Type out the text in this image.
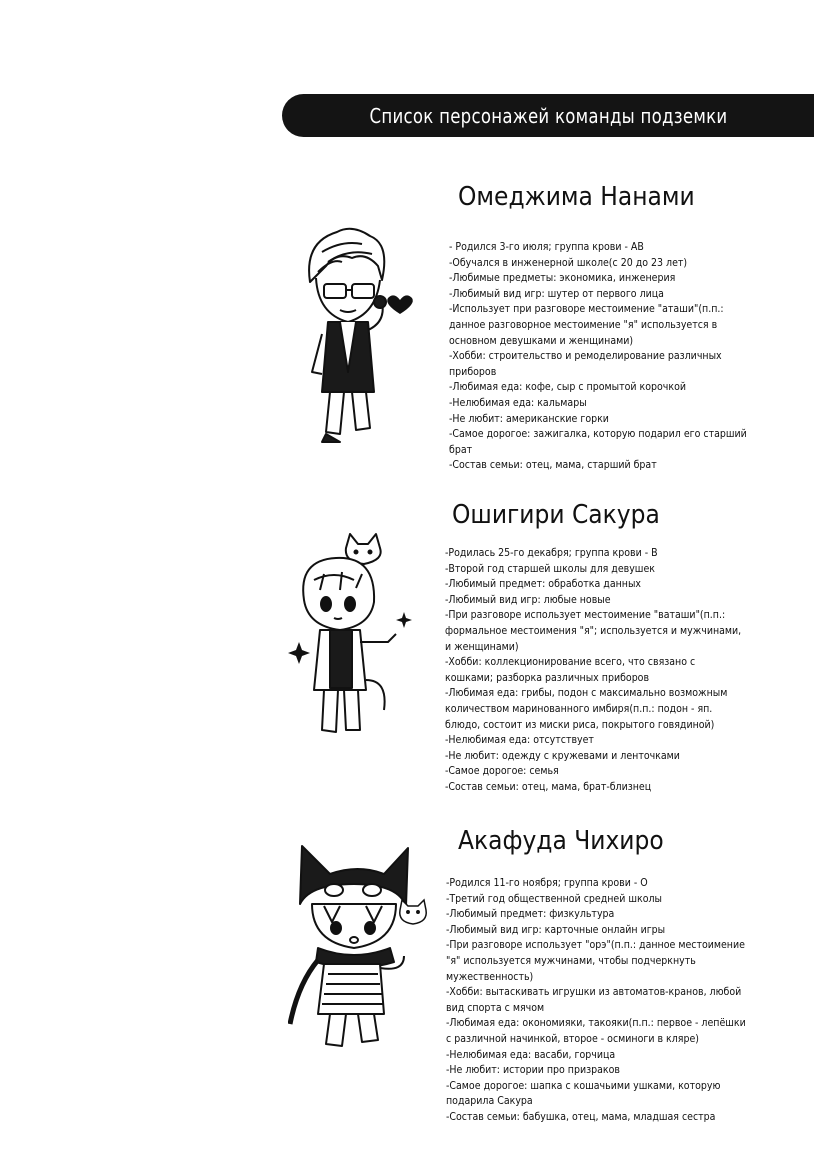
Список персонажей команды подземки
Омеджима Нанами
- Родился 3-го июля; группа крови - АВ
-Обучался в инженерной школе(с 20 до 23 лет)
-Любимые предметы: экономика, инженерия
-Любимый вид игр: шутер от первого лица
-Использует при разговоре местоимение "аташи"(п.п.: данное разговорное местоимение "я" используется в основном девушками и женщинами)
-Хобби: строительство и ремоделирование различных приборов
-Любимая еда: кофе, сыр с промытой корочкой
-Нелюбимая еда: кальмары
-Не любит: американские горки
-Самое дорогое: зажигалка, которую подарил его старший брат
-Состав семьи: отец, мама, старший брат
Ошигири Сакура
-Родилась 25-го декабря; группа крови - В
-Второй год старшей школы для девушек
-Любимый предмет: обработка данных
-Любимый вид игр: любые новые
-При разговоре использует местоимение "ваташи"(п.п.: формальное местоимения "я"; используется и мужчинами, и женщинами)
-Хобби: коллекционирование всего, что связано с кошками; разборка различных приборов
-Любимая еда: грибы, подон с максимально возможным количеством маринованного имбиря(п.п.: подон - яп. блюдо, состоит из миски риса, покрытого говядиной)
-Нелюбимая еда: отсутствует
-Не любит: одежду с кружевами и ленточками
-Самое дорогое: семья
-Состав семьи: отец, мама, брат-близнец
Акафуда Чихиро
-Родился 11-го ноября; группа крови - О
-Третий год общественной средней школы
-Любимый предмет: физкультура
-Любимый вид игр: карточные онлайн игры
-При разговоре использует "орэ"(п.п.: данное местоимение "я" используется мужчинами, чтобы подчеркнуть мужественность)
-Хобби: вытаскивать игрушки из автоматов-кранов, любой вид спорта с мячом
-Любимая еда: окономияки, такояки(п.п.: первое - лепёшки с различной начинкой, второе - осминоги в кляре)
-Нелюбимая еда: васаби, горчица
-Не любит: истории про призраков
-Самое дорогое: шапка с кошачьими ушками, которую подарила Сакура
-Состав семьи: бабушка, отец, мама, младшая сестра
